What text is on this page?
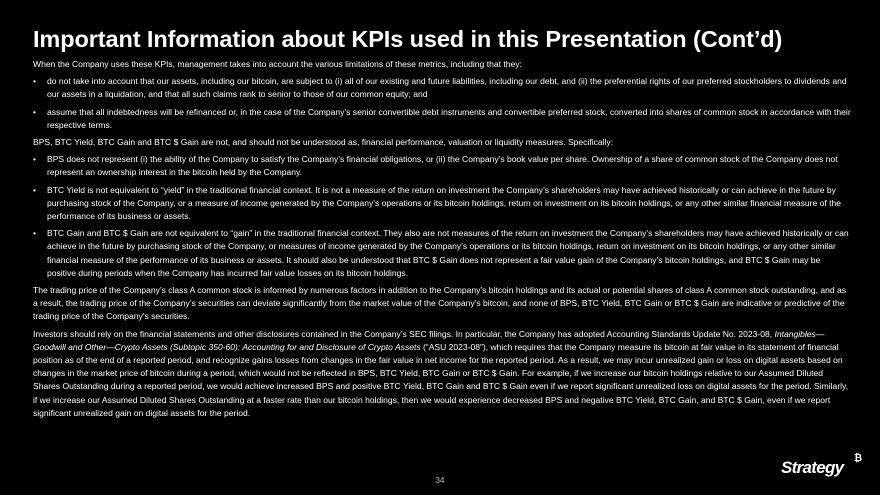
Important Information about KPIs used in this Presentation (Cont’d)

When the Company uses these KPIs, management takes into account the various limitations of these metrics, including that they:

• do not take into account that our assets, including our bitcoin, are subject to (i) all of our existing and future liabilities, including our debt, and (ii) the preferential rights of our preferred stockholders to dividends and our assets in a liquidation, and that all such claims rank to senior to those of our common equity; and
• assume that all indebtedness will be refinanced or, in the case of the Company’s senior convertible debt instruments and convertible preferred stock, converted into shares of common stock in accordance with their respective terms.

BPS, BTC Yield, BTC Gain and BTC $ Gain are not, and should not be understood as, financial performance, valuation or liquidity measures. Specifically:

• BPS does not represent (i) the ability of the Company to satisfy the Company’s financial obligations, or (ii) the Company’s book value per share. Ownership of a share of common stock of the Company does not represent an ownership interest in the bitcoin held by the Company.
• BTC Yield is not equivalent to “yield” in the traditional financial context. It is not a measure of the return on investment the Company’s shareholders may have achieved historically or can achieve in the future by purchasing stock of the Company, or a measure of income generated by the Company’s operations or its bitcoin holdings, return on investment on its bitcoin holdings, or any other similar financial measure of the performance of its business or assets.
• BTC Gain and BTC $ Gain are not equivalent to “gain” in the traditional financial context. They also are not measures of the return on investment the Company’s shareholders may have achieved historically or can achieve in the future by purchasing stock of the Company, or measures of income generated by the Company’s operations or its bitcoin holdings, return on investment on its bitcoin holdings, or any other similar financial measure of the performance of its business or assets. It should also be understood that BTC $ Gain does not represent a fair value gain of the Company’s bitcoin holdings, and BTC $ Gain may be positive during periods when the Company has incurred fair value losses on its bitcoin holdings.

The trading price of the Company’s class A common stock is informed by numerous factors in addition to the Company’s bitcoin holdings and its actual or potential shares of class A common stock outstanding, and as a result, the trading price of the Company’s securities can deviate significantly from the market value of the Company’s bitcoin, and none of BPS, BTC Yield, BTC Gain or BTC $ Gain are indicative or predictive of the trading price of the Company’s securities.

Investors should rely on the financial statements and other disclosures contained in the Company’s SEC filings. In particular, the Company has adopted Accounting Standards Update No. 2023-08, Intangibles—Goodwill and Other—Crypto Assets (Subtopic 350-60): Accounting for and Disclosure of Crypto Assets (“ASU 2023-08”), which requires that the Company measure its bitcoin at fair value in its statement of financial position as of the end of a reported period, and recognize gains losses from changes in the fair value in net income for the reported period. As a result, we may incur unrealized gain or loss on digital assets based on changes in the market price of bitcoin during a period, which would not be reflected in BPS, BTC Yield, BTC Gain or BTC $ Gain. For example, if we increase our bitcoin holdings relative to our Assumed Diluted Shares Outstanding during a reported period, we would achieve increased BPS and positive BTC Yield, BTC Gain and BTC $ Gain even if we report significant unrealized loss on digital assets for the period. Similarly, if we increase our Assumed Diluted Shares Outstanding at a faster rate than our bitcoin holdings, then we would experience decreased BPS and negative BTC Yield, BTC Gain, and BTC $ Gain, even if we report significant unrealized gain on digital assets for the period.

34
Strategy ₿
